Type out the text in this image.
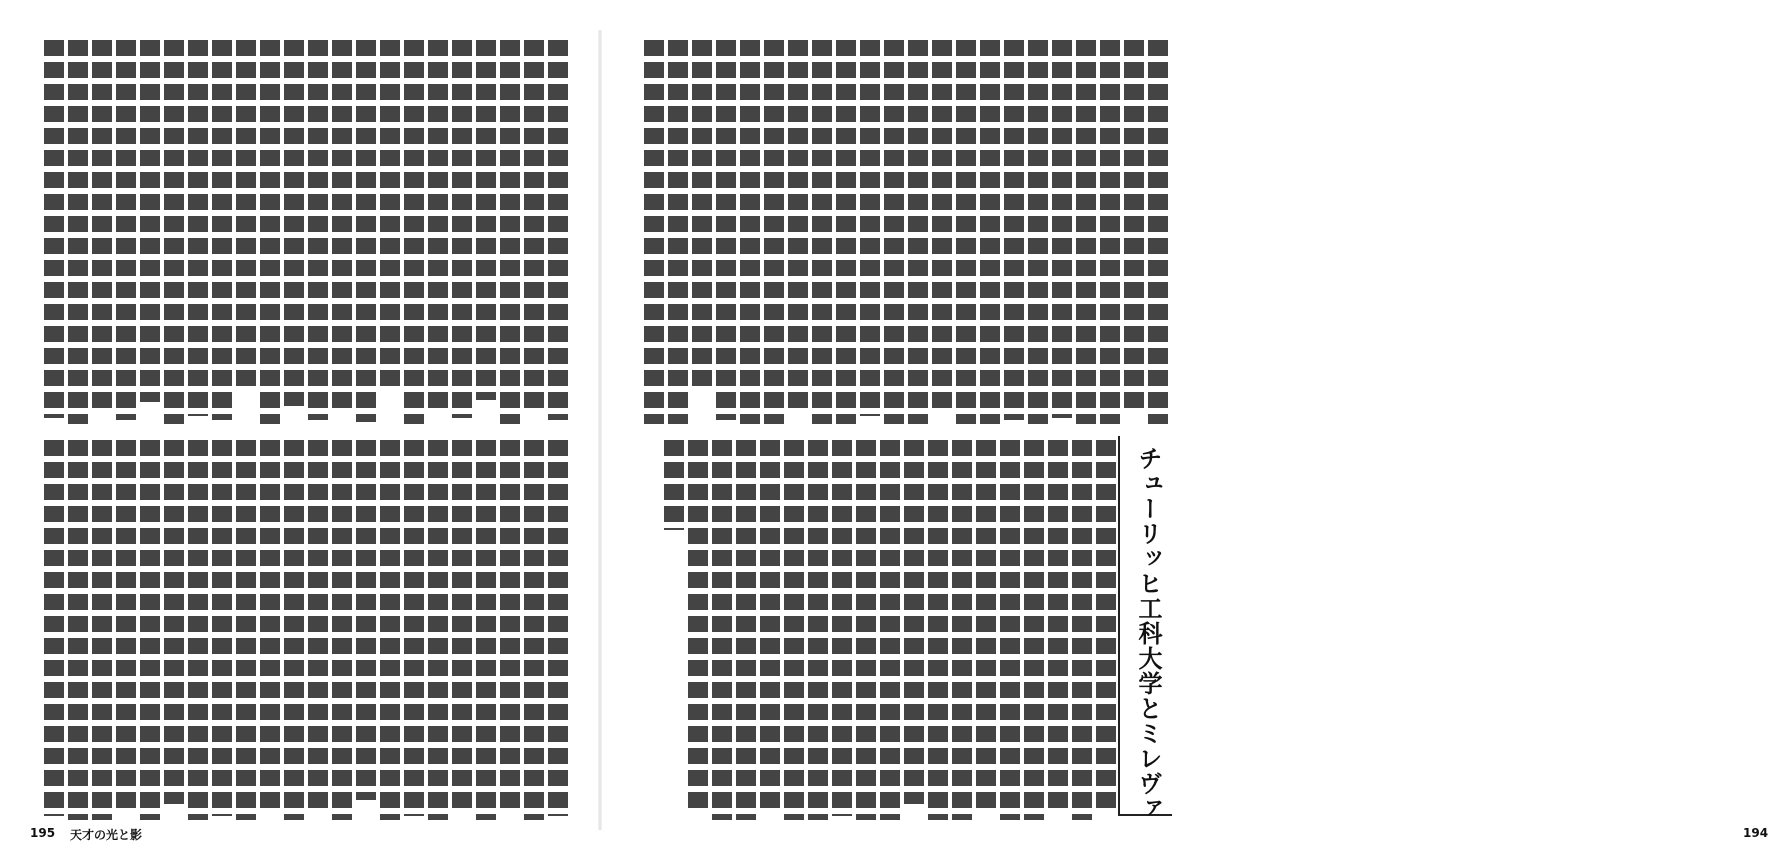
195 天才の光と影	194
チューリッヒ工科大学とミレヴァ
